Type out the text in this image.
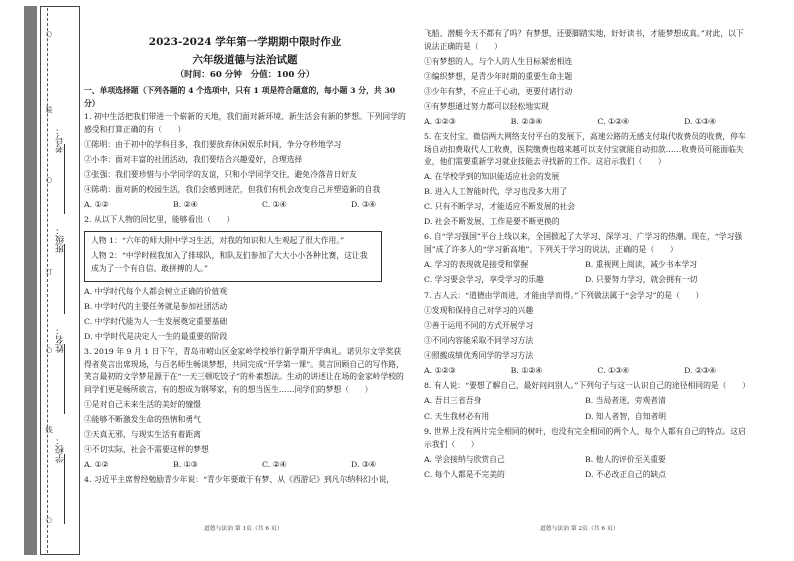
○
装
○
订
○
线
○
学校：
姓名：
班级：
考号：
2023-2024 学年第一学期期中限时作业
六年级道德与法治试题
（时间：60 分钟　分值：100 分）
一、单项选择题（下列各题的 4 个选项中，只有 1 项是符合题意的，每小题 3 分，共 30 分）

1. 初中生活把我们带进一个崭新的天地，我们面对新环境、新生活会有新的梦想。下列同学的感受和打算正确的有（　　）

①陈明：由于初中的学科目多，我们要放弃休闲娱乐时间，争分夺秒地学习

②小李：面对丰富的社团活动，我们要结合兴趣爱好，合理选择

③张强：我们要珍惜与小学同学的友谊，只和小学同学交往，避免冷落昔日好友

④陈萌：面对新的校园生活，我们会感到迷茫，但我们有机会改变自己并塑造新的自我

A. ①②	B. ②④	C. ①④	D. ③④

2. 从以下人物的回忆里，能够看出（　　）

人物 1：“六年的师大附中学习生活，对我的知识和人生观起了很大作用。”

人物 2：“中学时候我加入了排球队，和队友们参加了大大小小各种比赛，这让我成为了一个有自信、敢拼搏的人。”

A. 中学时代每个人都会树立正确的价值观

B. 中学时代的主要任务就是参加社团活动

C. 中学时代能为人一生发展奠定重要基础

D. 中学时代是决定人一生的最重要的阶段

3. 2019 年 9 月 1 日下午，青岛市崂山区金家岭学校举行新学期开学典礼。诺贝尔文学奖获得者莫言出席现场，与百名师生畅谈梦想，共同完成“开学第一课”。莫言回顾自己的写作路，笑言最初的文学梦是源于在“一天三顿吃饺子”的朴素想法。生动的讲述让在场的金家岭学校的同学们更是畅所欲言，有的想成为钢琴家，有的想当医生……同学们的梦想（　　）

①是对自己未来生活的美好的憧憬

②能够不断激发生命的热情和勇气

③天真无邪，与现实生活有着距离

④不切实际，社会不需要这样的梦想

A. ①②	B. ①③	C. ②④	D. ③④

4. 习近平主席曾经勉励青少年说：“青少年要敢于有梦、从《西游记》到凡尔纳科幻小说，

飞船、潜艇今天不都有了吗？有梦想，还要脚踏实地，好好读书，才能梦想成真。”对此，以下说法正确的是（　　）

①有梦想的人，与个人的人生目标紧密相连

②编织梦想，是青少年时期的重要生命主题

③少年有梦，不应止于心动，更要付诸行动

④有梦想通过努力都可以轻松地实现

A. ①②③	B. ②③④	C. ①②④	D. ①③④

5. 在支付宝、微信两大网络支付平台的发展下，高速公路的无感支付取代收费员的收费，停车场自动扣费取代人工收费，医院缴费也越来越可以支付宝就能自动扣款……收费员可能面临失业，他们需要重新学习就业技能去寻找新的工作。这启示我们（　　）

A. 在学校学到的知识能适应社会的发展

B. 进入人工智能时代，学习也没多大用了

C. 只有不断学习，才能适应不断发展的社会

D. 社会不断发展，工作是要不断更换的

6. 自“学习强国”平台上线以来，全国掀起了大学习、深学习、广学习的热潮。现在，“学习强国”成了许多人的“学习新高地”。下列关于学习的说法，正确的是（　　）

A. 学习的表现就是接受和掌握	B. 重视网上阅读，减少书本学习
C. 学习要会学习，享受学习的乐趣	D. 只要努力学习，就会拥有一切

7. 古人云：“道德由学而进，才能由学而得。”下列做法属于“会学习”的是（　　）

①发现和保持自己对学习的兴趣

②善于运用不同的方式开展学习

③不同内容能采取不同学习方法

④照搬成绩优秀同学的学习方法

A. ①②③	B. ①②④	C. ①③④	D. ②③④

8. 有人说：“要想了解自己，最好问问别人。”下列句子与这一认识自己的途径相同的是（　　）

A. 吾日三省吾身	B. 当局者迷，旁观者清
C. 天生我材必有用	D. 知人者智，自知者明

9. 世界上没有两片完全相同的树叶，也没有完全相同的两个人，每个人都有自己的特点。这启示我们（　　）

A. 学会接纳与欣赏自己	B. 他人的评价至关重要
C. 每个人都是不完美的	D. 不必改正自己的缺点
道德与法治 第 1页（共 6 页）	道德与法治 第 2页（共 6 页）
